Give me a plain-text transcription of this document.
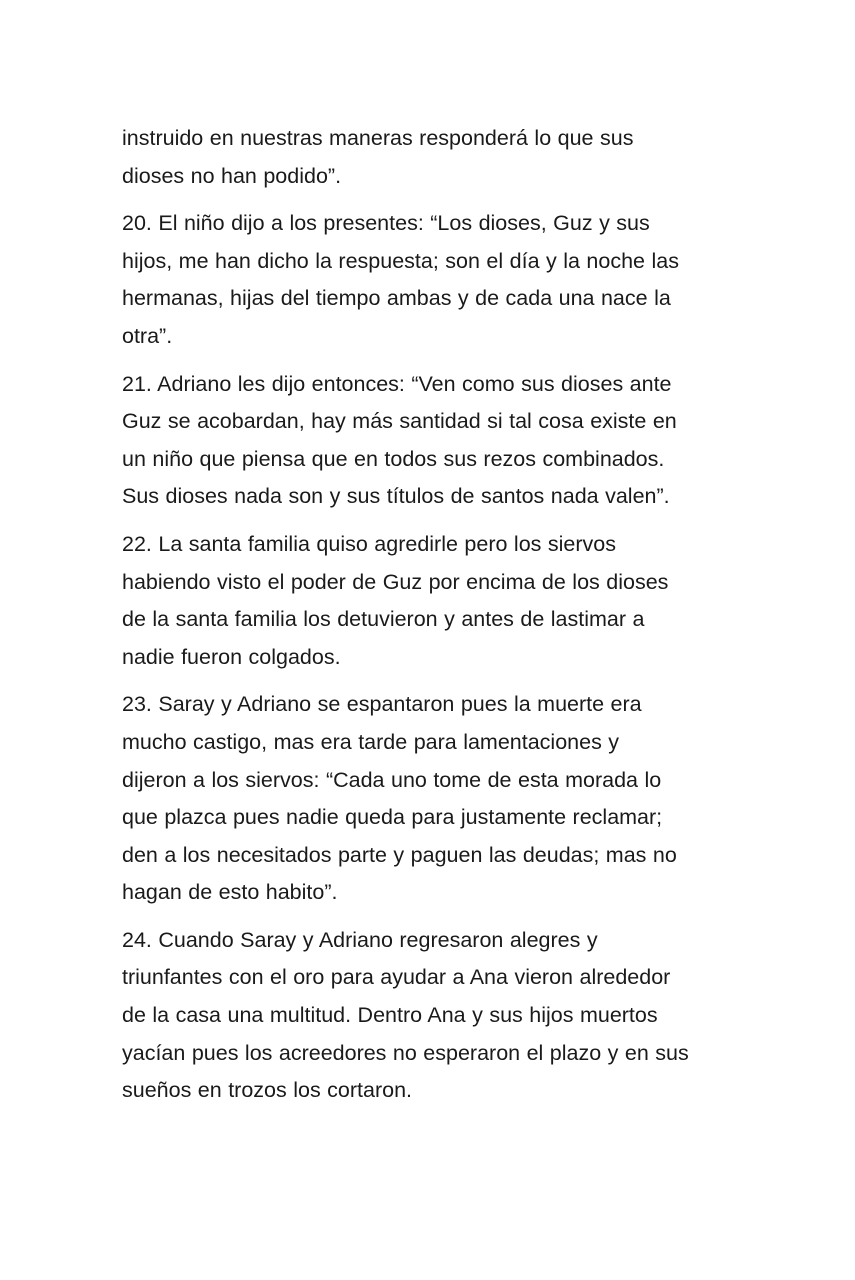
instruido en nuestras maneras responderá lo que sus
dioses no han podido”.

20. El niño dijo a los presentes: “Los dioses, Guz y sus
hijos, me han dicho la respuesta; son el día y la noche las
hermanas, hijas del tiempo ambas y de cada una nace la
otra”.

21. Adriano les dijo entonces: “Ven como sus dioses ante
Guz se acobardan, hay más santidad si tal cosa existe en
un niño que piensa que en todos sus rezos combinados.
Sus dioses nada son y sus títulos de santos nada valen”.

22. La santa familia quiso agredirle pero los siervos
habiendo visto el poder de Guz por encima de los dioses
de la santa familia los detuvieron y antes de lastimar a
nadie fueron colgados.

23. Saray y Adriano se espantaron pues la muerte era
mucho castigo, mas era tarde para lamentaciones y
dijeron a los siervos: “Cada uno tome de esta morada lo
que plazca pues nadie queda para justamente reclamar;
den a los necesitados parte y paguen las deudas; mas no
hagan de esto habito”.

24. Cuando Saray y Adriano regresaron alegres y
triunfantes con el oro para ayudar a Ana vieron alrededor
de la casa una multitud. Dentro Ana y sus hijos muertos
yacían pues los acreedores no esperaron el plazo y en sus
sueños en trozos los cortaron.
